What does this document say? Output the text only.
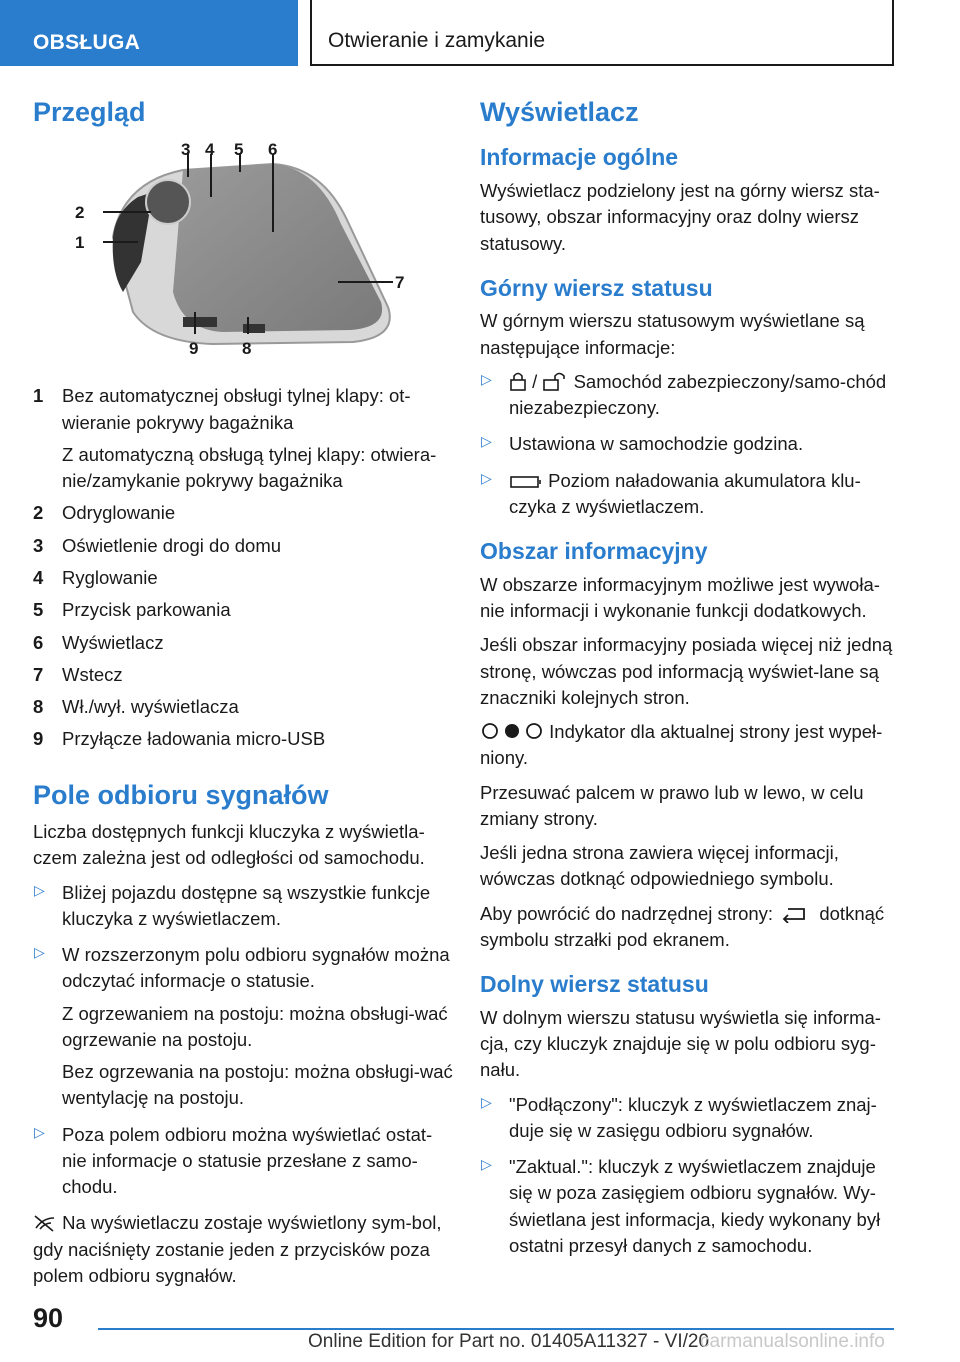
OBSŁUGA	Otwieranie i zamykanie
Przegląd
1
2
3 4 5 6
7
8
9
1 Bez automatycznej obsługi tylnej klapy: ot-wieranie pokrywy bagażnika
Z automatyczną obsługą tylnej klapy: otwiera-nie/zamykanie pokrywy bagażnika
2 Odryglowanie
3 Oświetlenie drogi do domu
4 Ryglowanie
5 Przycisk parkowania
6 Wyświetlacz
7 Wstecz
8 Wł./wył. wyświetlacza
9 Przyłącze ładowania micro-USB
Pole odbioru sygnałów

Liczba dostępnych funkcji kluczyka z wyświetla-czem zależna jest od odległości od samochodu.

▷ Bliżej pojazdu dostępne są wszystkie funkcje kluczyka z wyświetlaczem.
▷ W rozszerzonym polu odbioru sygnałów można odczytać informacje o statusie.
Z ogrzewaniem na postoju: można obsługi-wać ogrzewanie na postoju.
Bez ogrzewania na postoju: można obsługi-wać wentylację na postoju.
▷ Poza polem odbioru można wyświetlać ostat-nie informacje o statusie przesłane z samo-chodu.

Na wyświetlaczu zostaje wyświetlony sym-bol, gdy naciśnięty zostanie jeden z przycisków poza polem odbioru sygnałów.

Wyświetlacz
Informacje ogólne

Wyświetlacz podzielony jest na górny wiersz sta-tusowy, obszar informacyjny oraz dolny wiersz statusowy.

Górny wiersz statusu

W górnym wierszu statusowym wyświetlane są następujące informacje:

▷ / Samochód zabezpieczony/samo-chód niezabezpieczony.
▷ Ustawiona w samochodzie godzina.
▷	Poziom naładowania akumulatora klu-czyka z wyświetlaczem.
Obszar informacyjny

W obszarze informacyjnym możliwe jest wywoła-nie informacji i wykonanie funkcji dodatkowych.

Jeśli obszar informacyjny posiada więcej niż jedną stronę, wówczas pod informacją wyświet-lane są znaczniki kolejnych stron.

Indykator dla aktualnej strony jest wypeł-niony.

Przesuwać palcem w prawo lub w lewo, w celu zmiany strony.

Jeśli jedna strona zawiera więcej informacji, wówczas dotknąć odpowiedniego symbolu.

Aby powrócić do nadrzędnej strony:	dotknąć symbolu strzałki pod ekranem.

Dolny wiersz statusu

W dolnym wierszu statusu wyświetla się informa-cja, czy kluczyk znajduje się w polu odbioru syg-nału.

▷ "Podłączony": kluczyk z wyświetlaczem znaj-duje się w zasięgu odbioru sygnałów.
▷ "Zaktual.": kluczyk z wyświetlaczem znajduje się w poza zasięgiem odbioru sygnałów. Wy-świetlana jest informacja, kiedy wykonany był ostatni przesył danych z samochodu.
90
Online Edition for Part no. 01405A11327 - VI/20
carmanualsonline.info
